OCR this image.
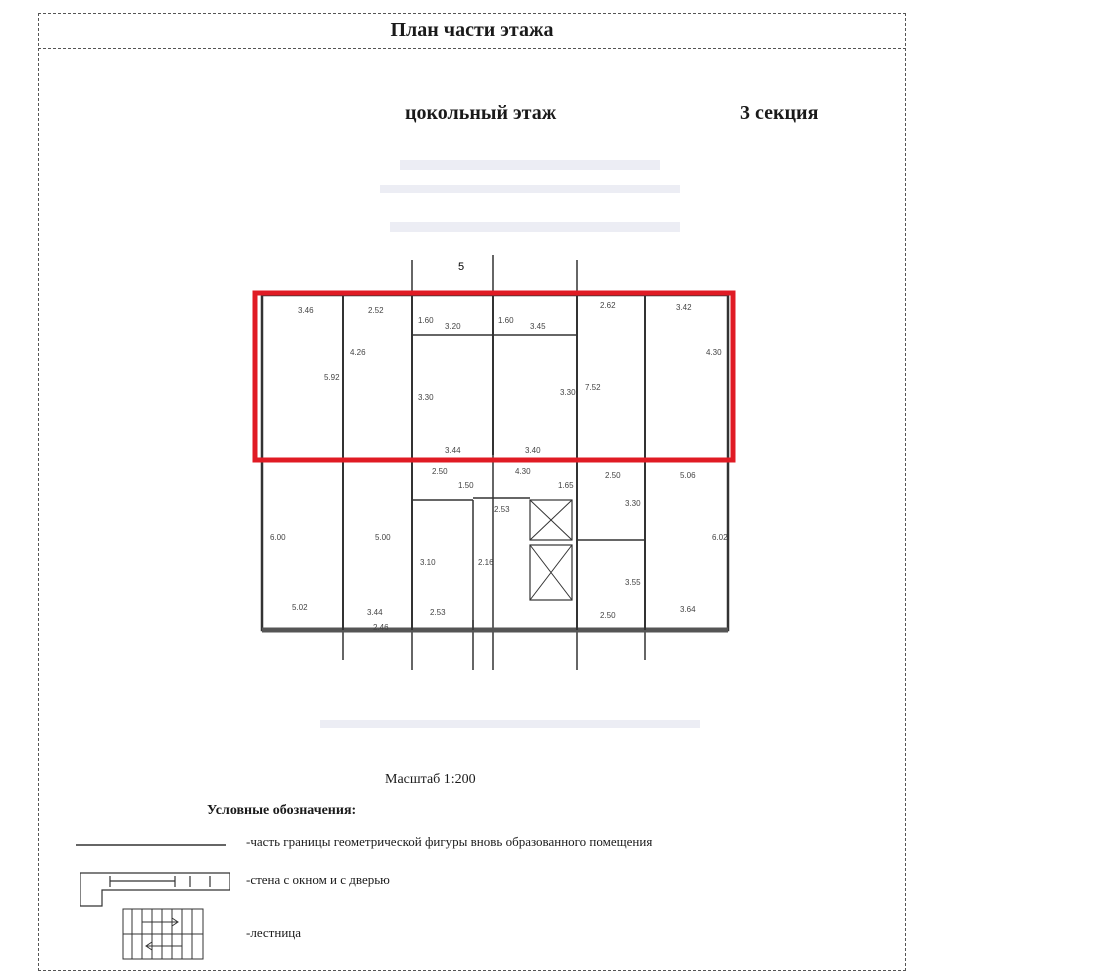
План части этажа
цокольный этаж	3 секция
5
3.46	2.52
1.60
3.20
1.60
3.45
2.62	3.42
4.26
5.92
3.30
3.30
7.52
4.30
3.44	3.40
2.50
1.50
4.30
1.65
2.50
2.53
5.06
6.00
3.30
5.00
3.10	2.16
6.02
3.55
5.02
3.44	2.53	2.50
3.64
2.46
Масштаб 1:200
Условные обозначения:
-часть границы геометрической фигуры вновь образованного помещения
-стена с окном и с дверью
-лестница
